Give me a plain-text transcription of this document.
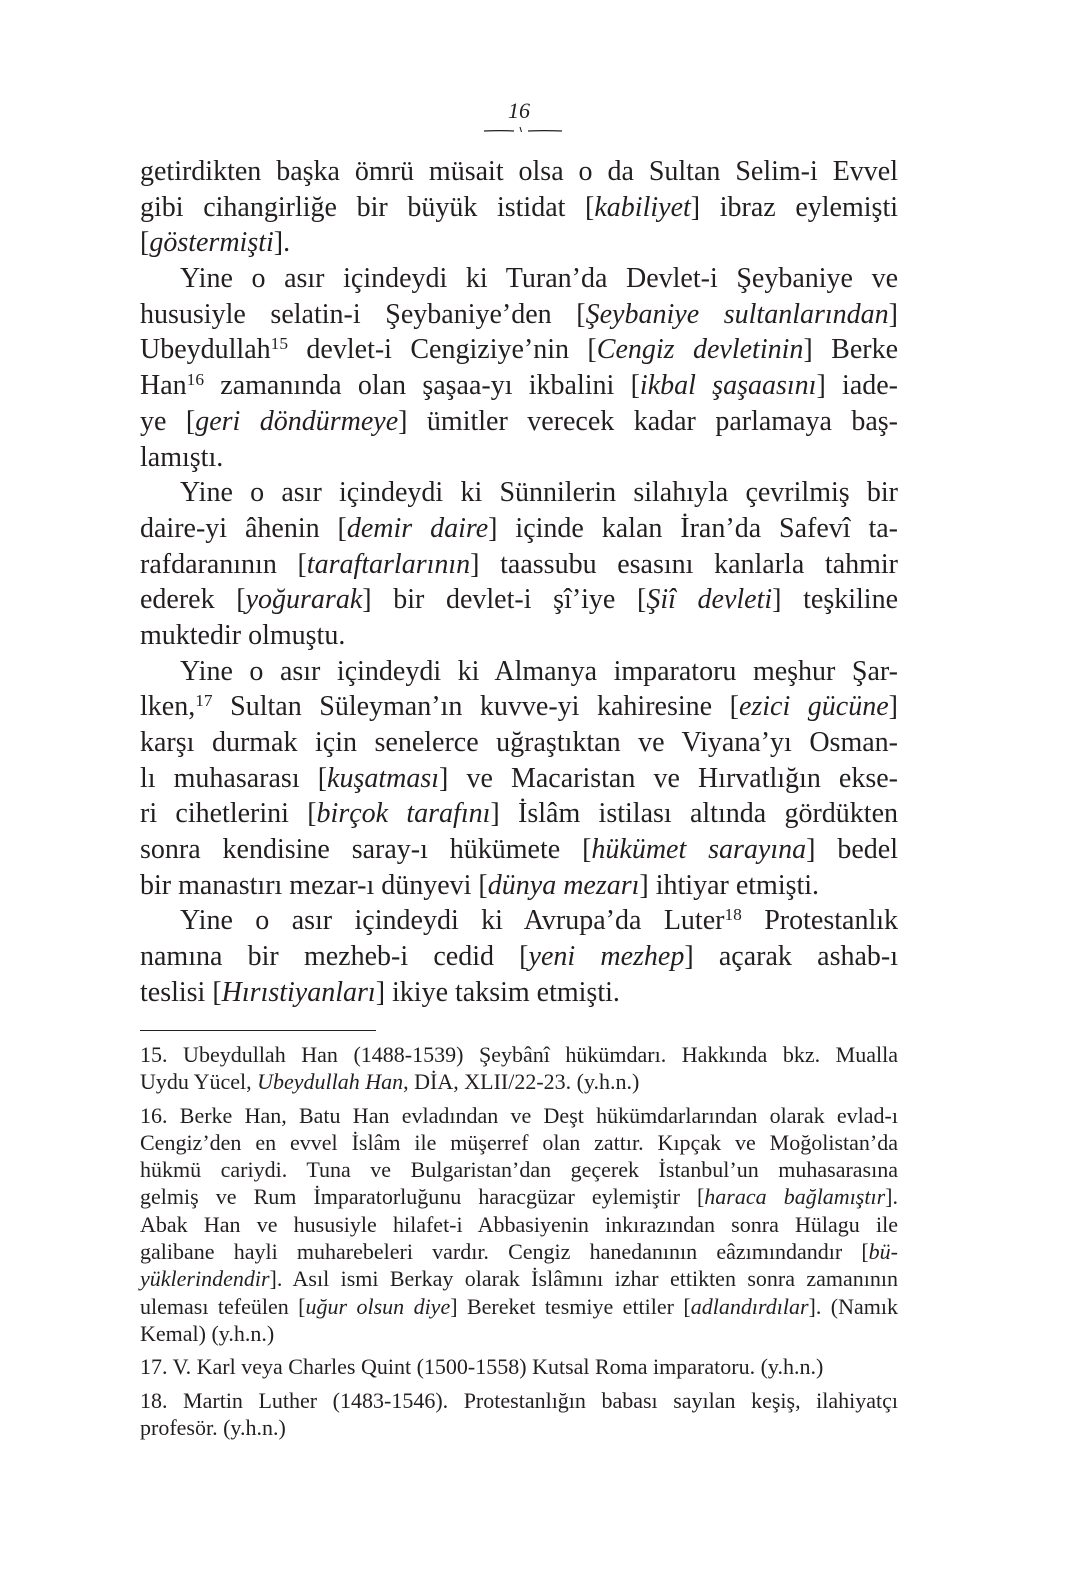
16
getirdikten başka ömrü müsait olsa o da Sultan Selim-i Evvel
gibi cihangirliğe bir büyük istidat [kabiliyet] ibraz eylemişti
[göstermişti].
Yine o asır içindeydi ki Turan’da Devlet-i Şeybaniye ve
hususiyle selatin-i Şeybaniye’den [Şeybaniye sultanlarından]
Ubeydullah$^{15}$ devlet-i Cengiziye’nin [Cengiz devletinin] Berke
Han$^{16}$ zamanında olan şaşaa-yı ikbalini [ikbal şaşaasını] iade-
ye [geri döndürmeye] ümitler verecek kadar parlamaya baş-
lamıştı.
Yine o asır içindeydi ki Sünnilerin silahıyla çevrilmiş bir
daire-yi âhenin [demir daire] içinde kalan İran’da Safevî ta-
rafdaranının [taraftarlarının] taassubu esasını kanlarla tahmir
ederek [yoğurarak] bir devlet-i şî’iye [Şiî devleti] teşkiline
muktedir olmuştu.
Yine o asır içindeydi ki Almanya imparatoru meşhur Şar-
lken,$^{17}$ Sultan Süleyman’ın kuvve-yi kahiresine [ezici gücüne]
karşı durmak için senelerce uğraştıktan ve Viyana’yı Osman-
lı muhasarası [kuşatması] ve Macaristan ve Hırvatlığın ekse-
ri cihetlerini [birçok tarafını] İslâm istilası altında gördükten
sonra kendisine saray-ı hükümete [hükümet sarayına] bedel
bir manastırı mezar-ı dünyevi [dünya mezarı] ihtiyar etmişti.
Yine o asır içindeydi ki Avrupa’da Luter$^{18}$ Protestanlık
namına bir mezheb-i cedid [yeni mezhep] açarak ashab-ı
teslisi [Hırıstiyanları] ikiye taksim etmişti.
15. Ubeydullah Han (1488-1539) Şeybânî hükümdarı. Hakkında bkz. Mualla
Uydu Yücel, Ubeydullah Han, DİA, XLII/22-23. (y.h.n.)
16. Berke Han, Batu Han evladından ve Deşt hükümdarlarından olarak evlad-ı
Cengiz’den en evvel İslâm ile müşerref olan zattır. Kıpçak ve Moğolistan’da
hükmü cariydi. Tuna ve Bulgaristan’dan geçerek İstanbul’un muhasarasına
gelmiş ve Rum İmparatorluğunu haracgüzar eylemiştir [haraca bağlamıştır].
Abak Han ve hususiyle hilafet-i Abbasiyenin inkırazından sonra Hülagu ile
galibane hayli muharebeleri vardır. Cengiz hanedanının eâzımındandır [bü-
yüklerindendir]. Asıl ismi Berkay olarak İslâmını izhar ettikten sonra zamanının
uleması tefeülen [uğur olsun diye] Bereket tesmiye ettiler [adlandırdılar]. (Namık
Kemal) (y.h.n.)
17. V. Karl veya Charles Quint (1500-1558) Kutsal Roma imparatoru. (y.h.n.)
18. Martin Luther (1483-1546). Protestanlığın babası sayılan keşiş, ilahiyatçı
profesör. (y.h.n.)
